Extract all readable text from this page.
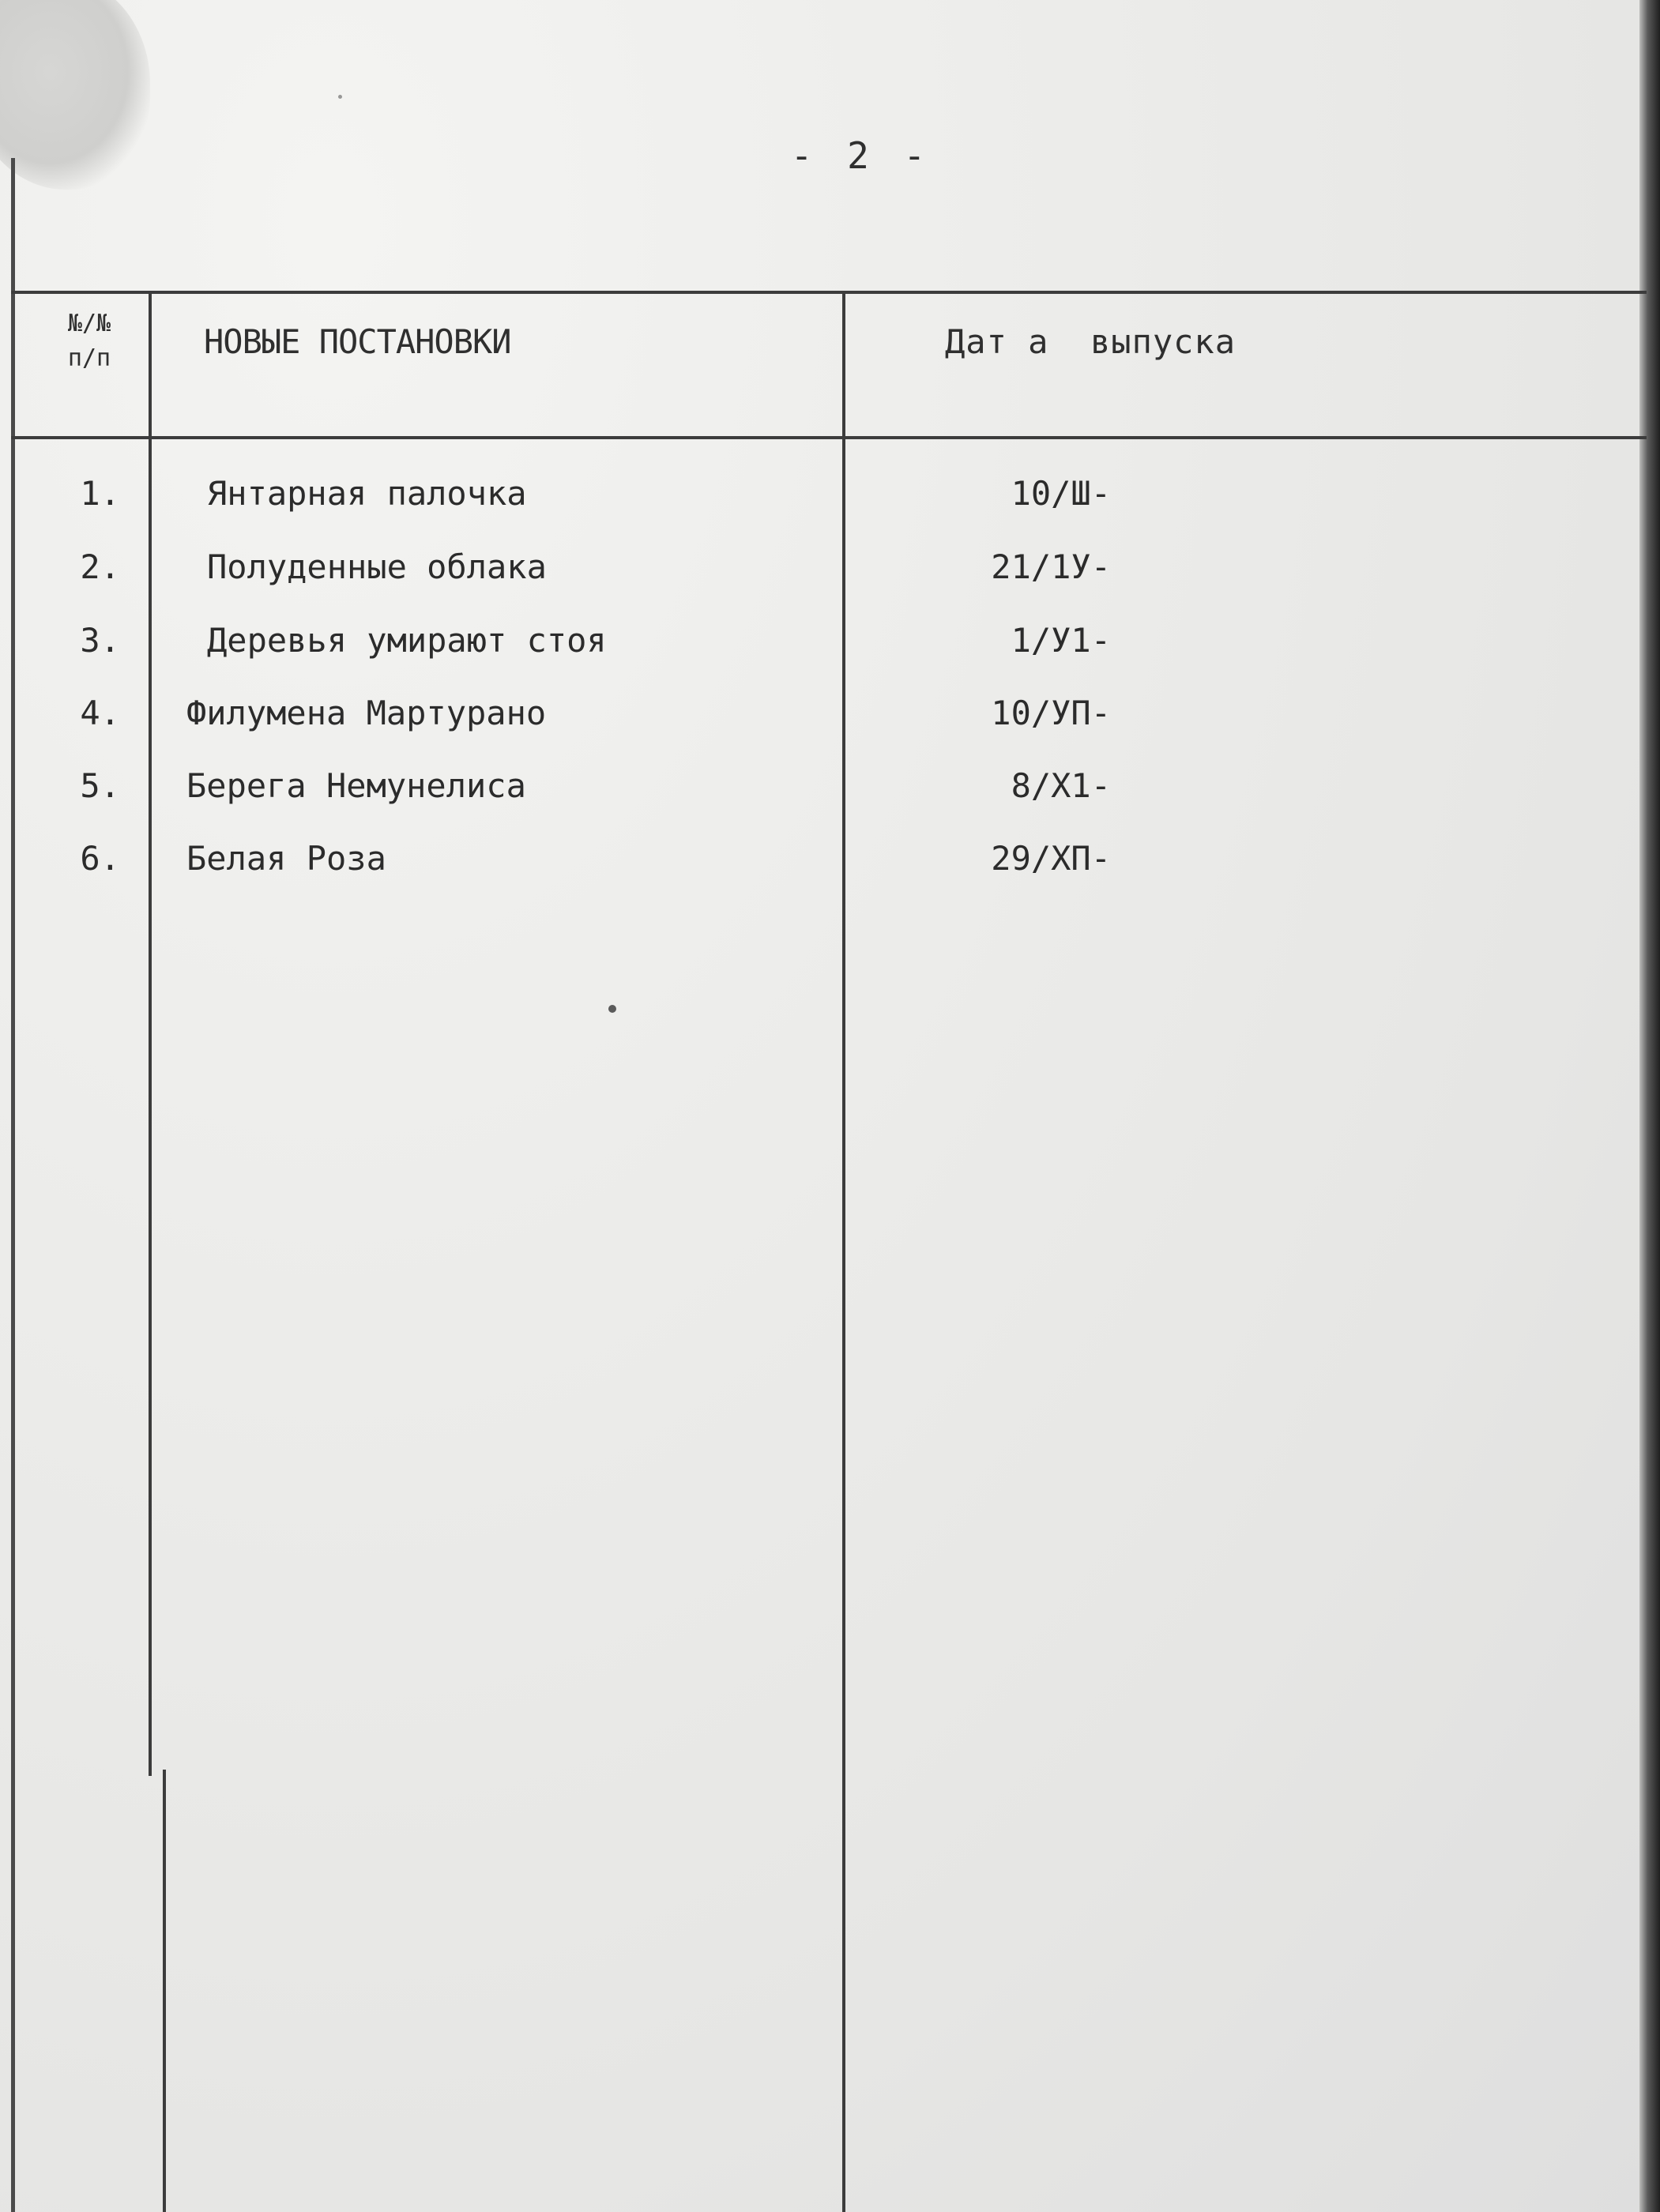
- 2 -
№/№
п/п	НОВЫЕ ПОСТАНОВКИ	Дат а  выпуска
1.	Янтарная палочка	10/Ш-
2.	Полуденные облака	21/1У-
3.	Деревья умирают стоя	1/У1-
4. Филумена Мартурано	10/УП-
5. Берега Немунелиса	8/Х1-
6. Белая Роза	29/ХП-
